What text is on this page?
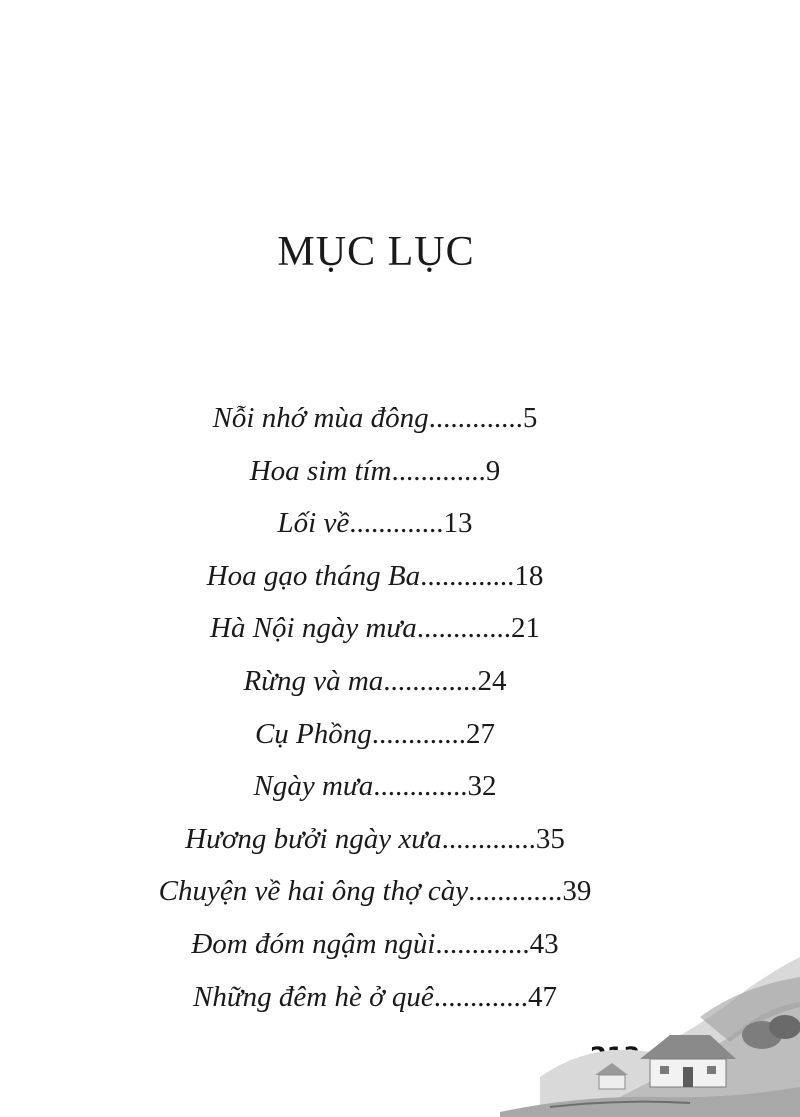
MỤC LỤC
Nỗi nhớ mùa đông.............5
Hoa sim tím.............9
Lối về.............13
Hoa gạo tháng Ba.............18
Hà Nội ngày mưa.............21
Rừng và ma.............24
Cụ Phồng.............27
Ngày mưa.............32
Hương bưởi ngày xưa.............35
Chuyện về hai ông thợ cày.............39
Đom đóm ngậm ngùi.............43
Những đêm hè ở quê.............47
